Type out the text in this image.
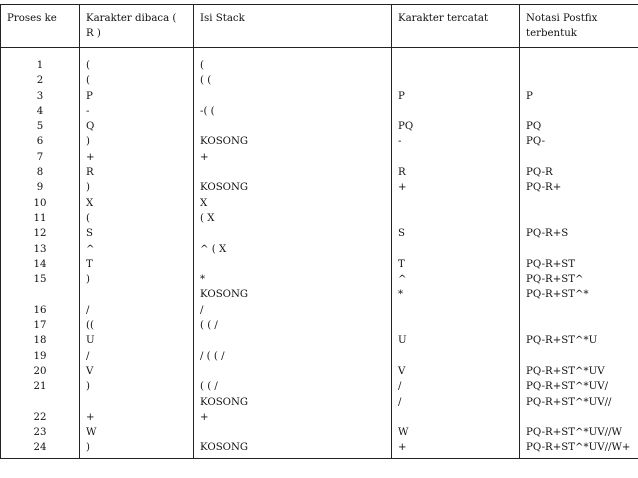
Proses ke	Karakter dibaca ( R )	Isi Stack	Karakter tercatat	Notasi Postfix terbentuk
1	(	(		
2	(	( (		
3	P		P	P
4	-	-( (		
5	Q		PQ	PQ
6	)	KOSONG	-	PQ-
7	+	+		
8	R		R	PQ-R
9	)	KOSONG	+	PQ-R+
10	X	X		
11	(	( X		
12	S		S	PQ-R+S
13	^	^ ( X		
14	T		T	PQ-R+ST
15	)	*	^	PQ-R+ST^
		KOSONG	*	PQ-R+ST^*
16	/	/		
17	((	( ( /		
18	U		U	PQ-R+ST^*U
19	/	/ ( ( /		
20	V		V	PQ-R+ST^*UV
21	)	( ( /	/	PQ-R+ST^*UV/
		KOSONG	/	PQ-R+ST^*UV//
22	+	+		
23	W		W	PQ-R+ST^*UV//W
24	)	KOSONG	+	PQ-R+ST^*UV//W+
